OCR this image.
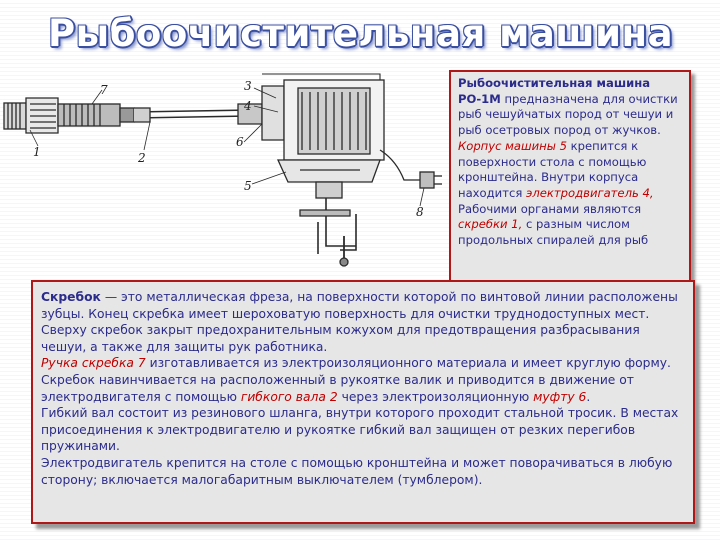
Рыбоочистительная машина
1	2
3
4
5
6
7
8

Рыбоочистительная машина РО-1М предназначена для очистки рыб чешуйчатых пород от чешуи и рыб осетровых пород от жучков. Корпус машины 5 крепится к поверхности стола с помощью кронштейна. Внутри корпуса находится электродвигатель 4, Рабочими органами являются скребки 1, с разным числом продольных спиралей для рыб

Скребок — это металлическая фреза, на поверхности которой по винтовой линии расположены зубцы. Конец скребка имеет шероховатую поверхность для очистки труднодоступных мест. Сверху скребок закрыт предохранительным кожухом для предотвращения разбрасывания чешуи, а также для защиты рук работника.

Ручка скребка 7 изготавливается из электроизоляционного материала и имеет круглую форму. Скребок навинчивается на расположенный в рукоятке валик и приводится в движение от электродвигателя с помощью гибкого вала 2 через электроизоляционную муфту 6.

Гибкий вал состоит из резинового шланга, внутри которого проходит стальной тросик. В местах присоединения к электродвигателю и рукоятке гибкий вал защищен от резких перегибов пружинами.

Электродвигатель крепится на столе с помощью кронштейна и может поворачиваться в любую сторону; включается малогабаритным выключателем (тумблером).
